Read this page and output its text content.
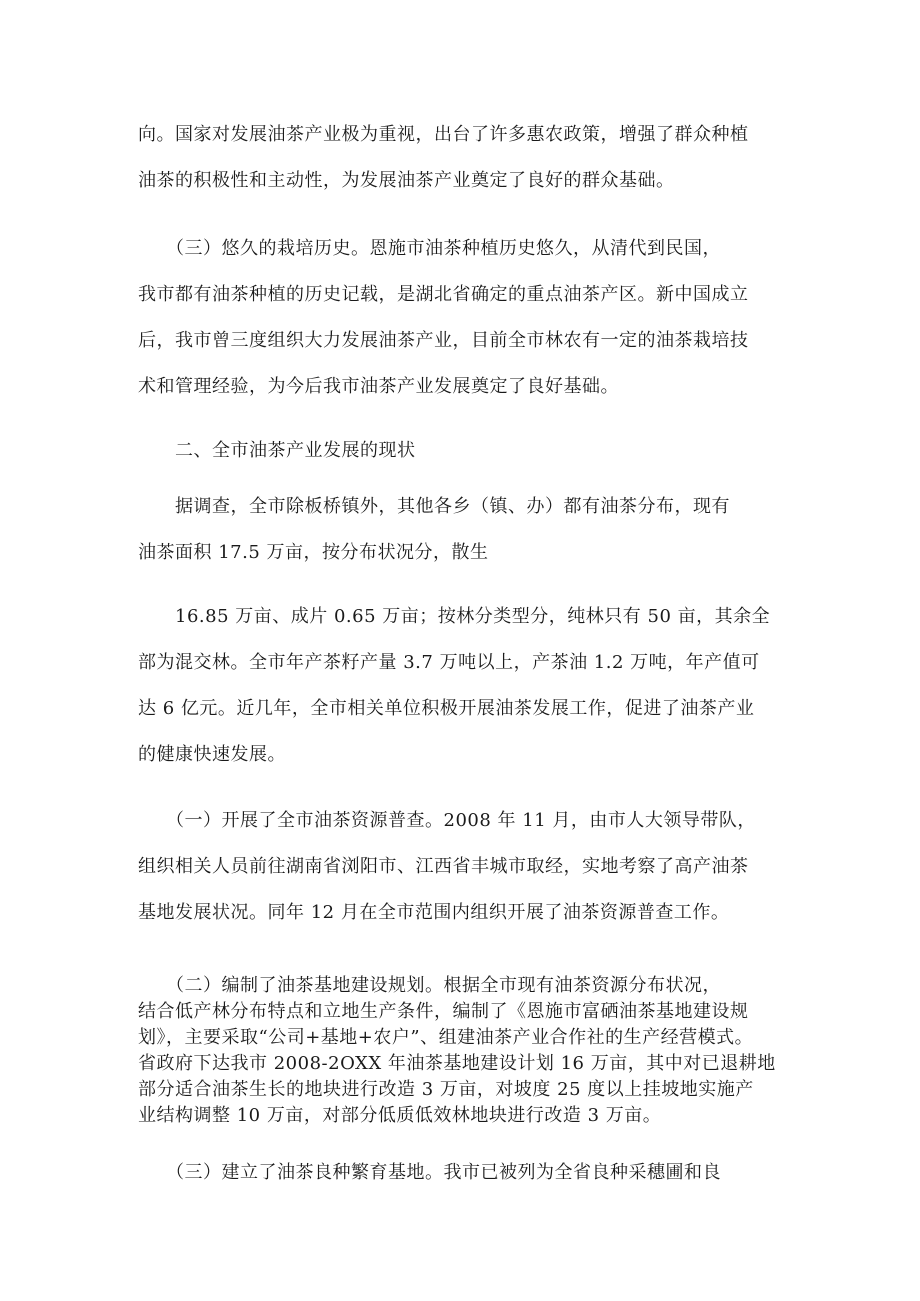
向。国家对发展油茶产业极为重视，出台了许多惠农政策，增强了群众种植
油茶的积极性和主动性，为发展油茶产业奠定了良好的群众基础。
　　（三）悠久的栽培历史。恩施市油茶种植历史悠久，从清代到民国，
我市都有油茶种植的历史记载，是湖北省确定的重点油茶产区。新中国成立
后，我市曾三度组织大力发展油茶产业，目前全市林农有一定的油茶栽培技
术和管理经验，为今后我市油茶产业发展奠定了良好基础。
　　二、全市油茶产业发展的现状
　　据调查，全市除板桥镇外，其他各乡（镇、办）都有油茶分布，现有
油茶面积 17.5 万亩，按分布状况分，散生
　　16.85 万亩、成片 0.65 万亩；按林分类型分，纯林只有 50 亩，其余全
部为混交林。全市年产茶籽产量 3.7 万吨以上，产茶油 1.2 万吨，年产值可
达 6 亿元。近几年，全市相关单位积极开展油茶发展工作，促进了油茶产业
的健康快速发展。
　　（一）开展了全市油茶资源普查。2008 年 11 月，由市人大领导带队，
组织相关人员前往湖南省浏阳市、江西省丰城市取经，实地考察了高产油茶
基地发展状况。同年 12 月在全市范围内组织开展了油茶资源普查工作。
　　（二）编制了油茶基地建设规划。根据全市现有油茶资源分布状况，
结合低产林分布特点和立地生产条件，编制了《恩施市富硒油茶基地建设规
划》，主要采取“公司+基地+农户”、组建油茶产业合作社的生产经营模式。
省政府下达我市 2008-2OXX 年油茶基地建设计划 16 万亩，其中对已退耕地
部分适合油茶生长的地块进行改造 3 万亩，对坡度 25 度以上挂坡地实施产
业结构调整 10 万亩，对部分低质低效林地块进行改造 3 万亩。
　　（三）建立了油茶良种繁育基地。我市已被列为全省良种采穗圃和良
